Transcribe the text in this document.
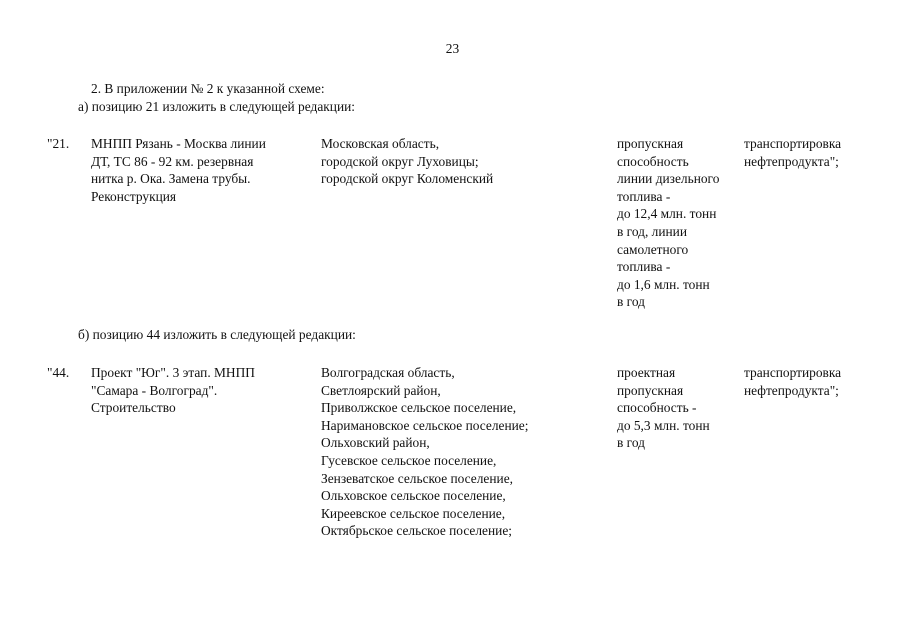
23
2. В приложении № 2 к указанной схеме:
а) позицию 21 изложить в следующей редакции:
"21. МНПП Рязань - Москва линии
ДТ, ТС 86 - 92 км. резервная
нитка р. Ока. Замена трубы.
Реконструкция
Московская область,
городской округ Луховицы;
городской округ Коломенский
пропускная
способность
линии дизельного
топлива -
до 12,4 млн. тонн
в год, линии
самолетного
топлива -
до 1,6 млн. тонн
в год
транспортировка
нефтепродукта";
б) позицию 44 изложить в следующей редакции:
"44. Проект "Юг". 3 этап. МНПП
"Самара - Волгоград".
Строительство
Волгоградская область,
Светлоярский район,
Приволжское сельское поселение,
Наримановское сельское поселение;
Ольховский район,
Гусевское сельское поселение,
Зензеватское сельское поселение,
Ольховское сельское поселение,
Киреевское сельское поселение,
Октябрьское сельское поселение;
проектная
пропускная
способность -
до 5,3 млн. тонн
в год
транспортировка
нефтепродукта";
